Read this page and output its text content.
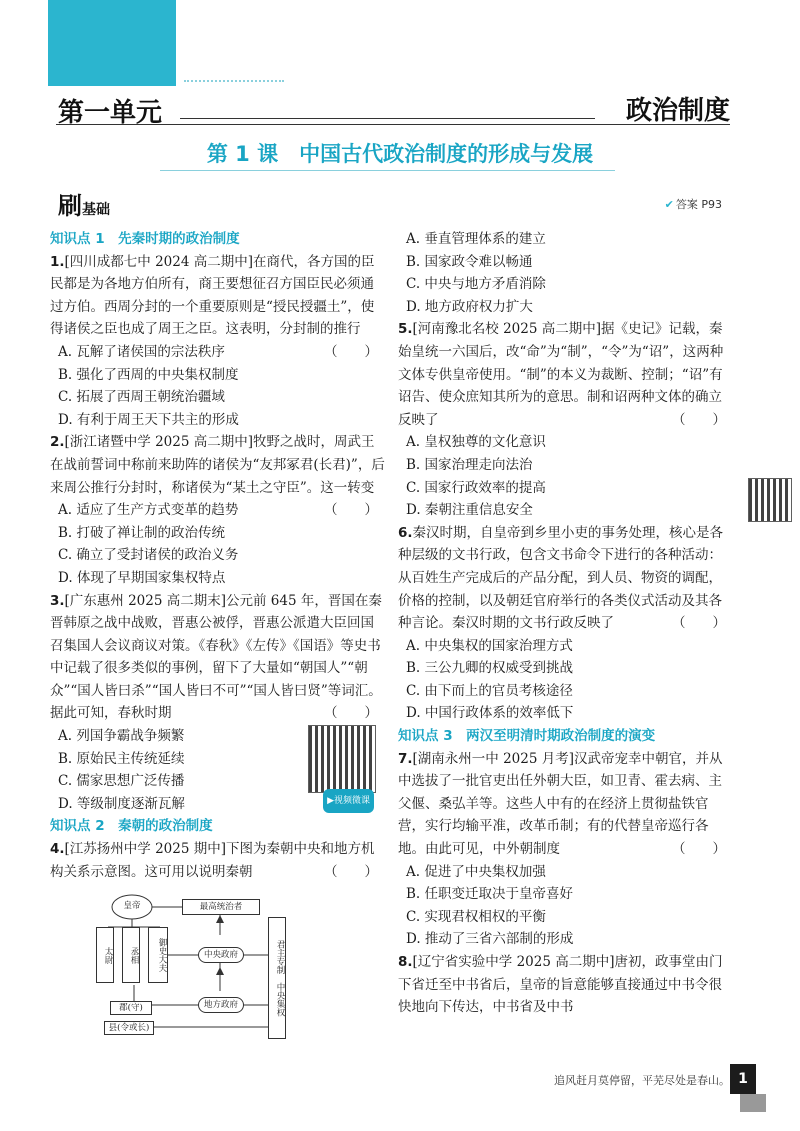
第一单元	政治制度
第 1 课　中国古代政治制度的形成与发展
刷基础	✔ 答案 P93
知识点 1　先秦时期的政治制度
1.[四川成都七中 2024 高二期中]在商代，各方国的臣民都是为各地方伯所有，商王要想征召方国臣民必须通过方伯。西周分封的一个重要原则是“授民授疆土”，使得诸侯之臣也成了周王之臣。这表明，分封制的推行
（　　）
A. 瓦解了诸侯国的宗法秩序
B. 强化了西周的中央集权制度
C. 拓展了西周王朝统治疆域
D. 有利于周王天下共主的形成
2.[浙江诸暨中学 2025 高二期中]牧野之战时，周武王在战前誓词中称前来助阵的诸侯为“友邦冢君(长君)”，后来周公推行分封时，称诸侯为“某土之守臣”。这一转变
（　　）
A. 适应了生产方式变革的趋势
B. 打破了禅让制的政治传统
C. 确立了受封诸侯的政治义务
D. 体现了早期国家集权特点
3.[广东惠州 2025 高二期末]公元前 645 年，晋国在秦晋韩原之战中战败，晋惠公被俘，晋惠公派遣大臣回国召集国人会议商议对策。《春秋》《左传》《国语》等史书中记载了很多类似的事例，留下了大量如“朝国人”“朝众”“国人皆曰杀”“国人皆曰不可”“国人皆曰贤”等词汇。据此可知，春秋时期	（　　）
A. 列国争霸战争频繁
B. 原始民主传统延续
C. 儒家思想广泛传播
D. 等级制度逐渐瓦解	▶视频微课
知识点 2　秦朝的政治制度
4.[江苏扬州中学 2025 期中]下图为秦朝中央和地方机构关系示意图。这可用以说明秦朝	（　　）
皇帝	最高统治者
太尉	丞相	御史大夫	中央政府
地方政府
郡(守)
县(令或长)
君主专制　中央集权
A. 垂直管理体系的建立
B. 国家政令难以畅通
C. 中央与地方矛盾消除
D. 地方政府权力扩大
5.[河南豫北名校 2025 高二期中]据《史记》记载，秦始皇统一六国后，改“命”为“制”，“令”为“诏”，这两种文体专供皇帝使用。“制”的本义为裁断、控制；“诏”有诏告、使众庶知其所为的意思。制和诏两种文体的确立反映了	（　　）
A. 皇权独尊的文化意识
B. 国家治理走向法治
C. 国家行政效率的提高
D. 秦朝注重信息安全
6.秦汉时期，自皇帝到乡里小吏的事务处理，核心是各种层级的文书行政，包含文书命令下进行的各种活动：从百姓生产完成后的产品分配，到人员、物资的调配，价格的控制，以及朝廷官府举行的各类仪式活动及其各种言论。秦汉时期的文书行政反映了	（　　）
A. 中央集权的国家治理方式
B. 三公九卿的权威受到挑战
C. 由下而上的官员考核途径
D. 中国行政体系的效率低下
知识点 3　两汉至明清时期政治制度的演变
7.[湖南永州一中 2025 月考]汉武帝宠幸中朝官，并从中选拔了一批官吏出任外朝大臣，如卫青、霍去病、主父偃、桑弘羊等。这些人中有的在经济上贯彻盐铁官营，实行均输平准，改革币制；有的代替皇帝巡行各地。由此可见，中外朝制度	（　　）
A. 促进了中央集权加强
B. 任职变迁取决于皇帝喜好
C. 实现君权相权的平衡
D. 推动了三省六部制的形成
8.[辽宁省实验中学 2025 高二期中]唐初，政事堂由门下省迁至中书省后，皇帝的旨意能够直接通过中书令很快地向下传达，中书省及中书
追风赶月莫停留，平芜尽处是春山。 1
